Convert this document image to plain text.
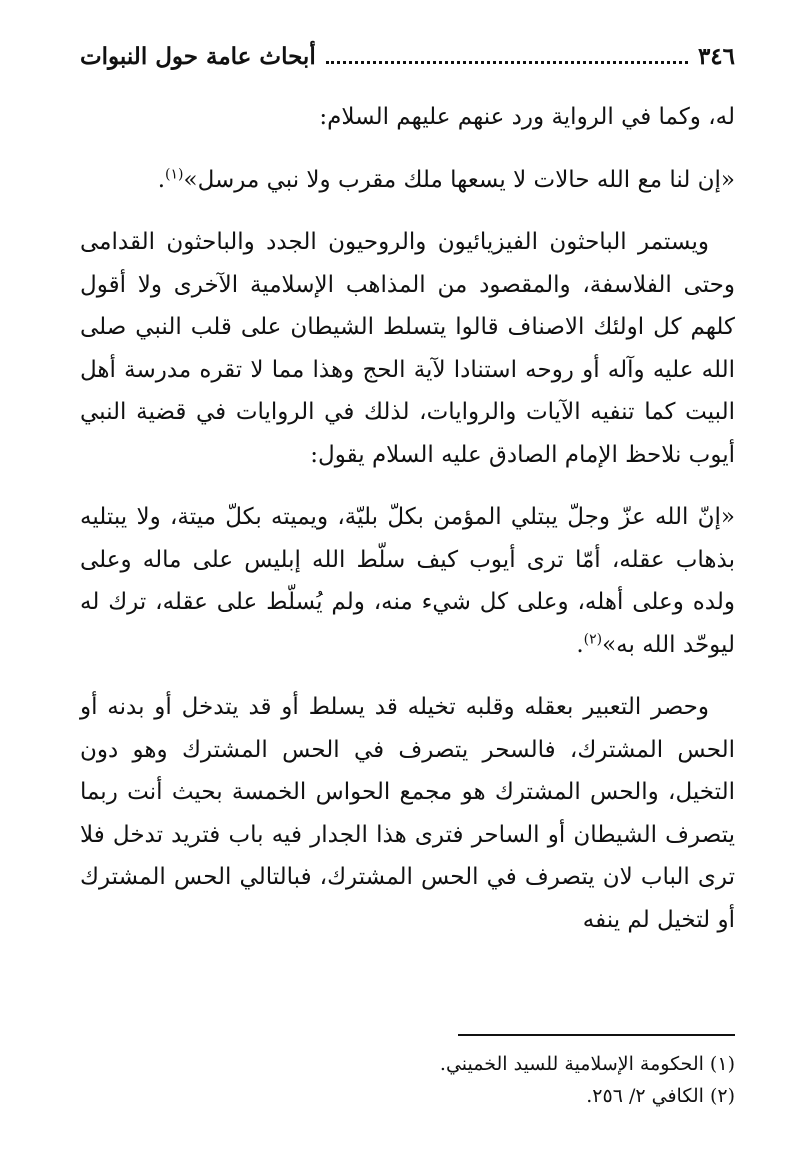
٣٤٦
أبحاث عامة حول النبوات

له، وكما في الرواية ورد عنهم عليهم السلام:

«إن لنا مع الله حالات لا يسعها ملك مقرب ولا نبي مرسل»$^{(١)}$.

ويستمر الباحثون الفيزيائيون والروحيون الجدد والباحثون القدامى وحتى الفلاسفة، والمقصود من المذاهب الإسلامية الآخرى ولا أقول كلهم كل اولئك الاصناف قالوا يتسلط الشيطان على قلب النبي صلى الله عليه وآله أو روحه استنادا لآية الحج وهذا مما لا تقره مدرسة أهل البيت كما تنفيه الآيات والروايات، لذلك في الروايات في قضية النبي أيوب نلاحظ الإمام الصادق عليه السلام يقول:

«إنّ الله عزّ وجلّ يبتلي المؤمن بكلّ بليّة، ويميته بكلّ ميتة، ولا يبتليه بذهاب عقله، أمّا ترى أيوب كيف سلّط الله إبليس على ماله وعلى ولده وعلى أهله، وعلى كل شيء منه، ولم يُسلّط على عقله، ترك له ليوحّد الله به»$^{(٢)}$.

وحصر التعبير بعقله وقلبه تخيله قد يسلط أو قد يتدخل أو بدنه أو الحس المشترك، فالسحر يتصرف في الحس المشترك وهو دون التخيل، والحس المشترك هو مجمع الحواس الخمسة بحيث أنت ربما يتصرف الشيطان أو الساحر فترى هذا الجدار فيه باب فتريد تدخل فلا ترى الباب لان يتصرف في الحس المشترك، فبالتالي الحس المشترك أو لتخيل لم ينفه

(١) الحكومة الإسلامية للسيد الخميني.

(٢) الكافي ٢/ ٢٥٦.
